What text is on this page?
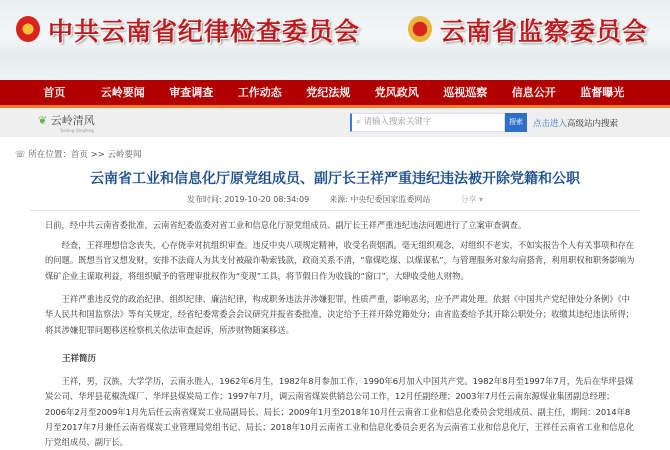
中共云南省纪律检查委员会	云南省监察委员会
首页	云岭要闻	审查调查	工作动态	党纪法规	党风政风	巡视巡察	信息公开	监督曝光
❦ 云岭清风
Yunling Qingfeng
⌕ 请输入搜索关键字	搜索	点击进入高级站内搜索
☏ 所在位置：首页 >> 云岭要闻
云南省工业和信息化厅原党组成员、副厅长王祥严重违纪违法被开除党籍和公职
发布时间: 2019-10-20 08:34:09	来源: 中央纪委国家监委网站	分享 ▾
日前，经中共云南省委批准，云南省纪委监委对省工业和信息化厅原党组成员、副厅长王祥严重违纪违法问题进行了立案审查调查。
经查，王祥理想信念丧失，心存侥幸对抗组织审查。违反中央八项规定精神，收受名贵烟酒。毫无组织观念，对组织不老实，不如实报告个人有关事项和存在的问题。既想当官又想发财，安排不法商人为其支付被敲诈勒索钱款，政商关系不清，“靠煤吃煤、以煤谋私”，与管理服务对象勾肩搭背，利用职权和职务影响为煤矿企业主谋取利益，将组织赋予的管理审批权作为“变现”工具，将节假日作为收钱的“窗口”，大肆收受他人财物。
王祥严重违反党的政治纪律、组织纪律、廉洁纪律，构成职务违法并涉嫌犯罪，性质严重，影响恶劣，应予严肃处理。依据《中国共产党纪律处分条例》《中华人民共和国监察法》等有关规定，经省纪委常委会会议研究并报省委批准，决定给予王祥开除党籍处分；由省监委给予其开除公职处分；收缴其违纪违法所得；将其涉嫌犯罪问题移送检察机关依法审查起诉，所涉财物随案移送。
王祥简历
王祥，男，汉族，大学学历，云南永胜人，1962年6月生，1982年8月参加工作，1990年6月加入中国共产党。1982年8月至1997年7月，先后在华坪县煤炭公司、华坪县花椒洗煤厂、华坪县煤炭局工作；1997年7月，调云南省煤炭供销总公司工作，12月任副经理；2003年7月任云南东源煤业集团副总经理；2006年2月至2009年1月先后任云南省煤炭工业局副局长、局长；2009年1月至2018年10月任云南省工业和信息化委员会党组成员、副主任，期间：2014年8月至2017年7月兼任云南省煤炭工业管理局党组书记、局长；2018年10月云南省工业和信息化委员会更名为云南省工业和信息化厅，王祥任云南省工业和信息化厅党组成员、副厅长。
